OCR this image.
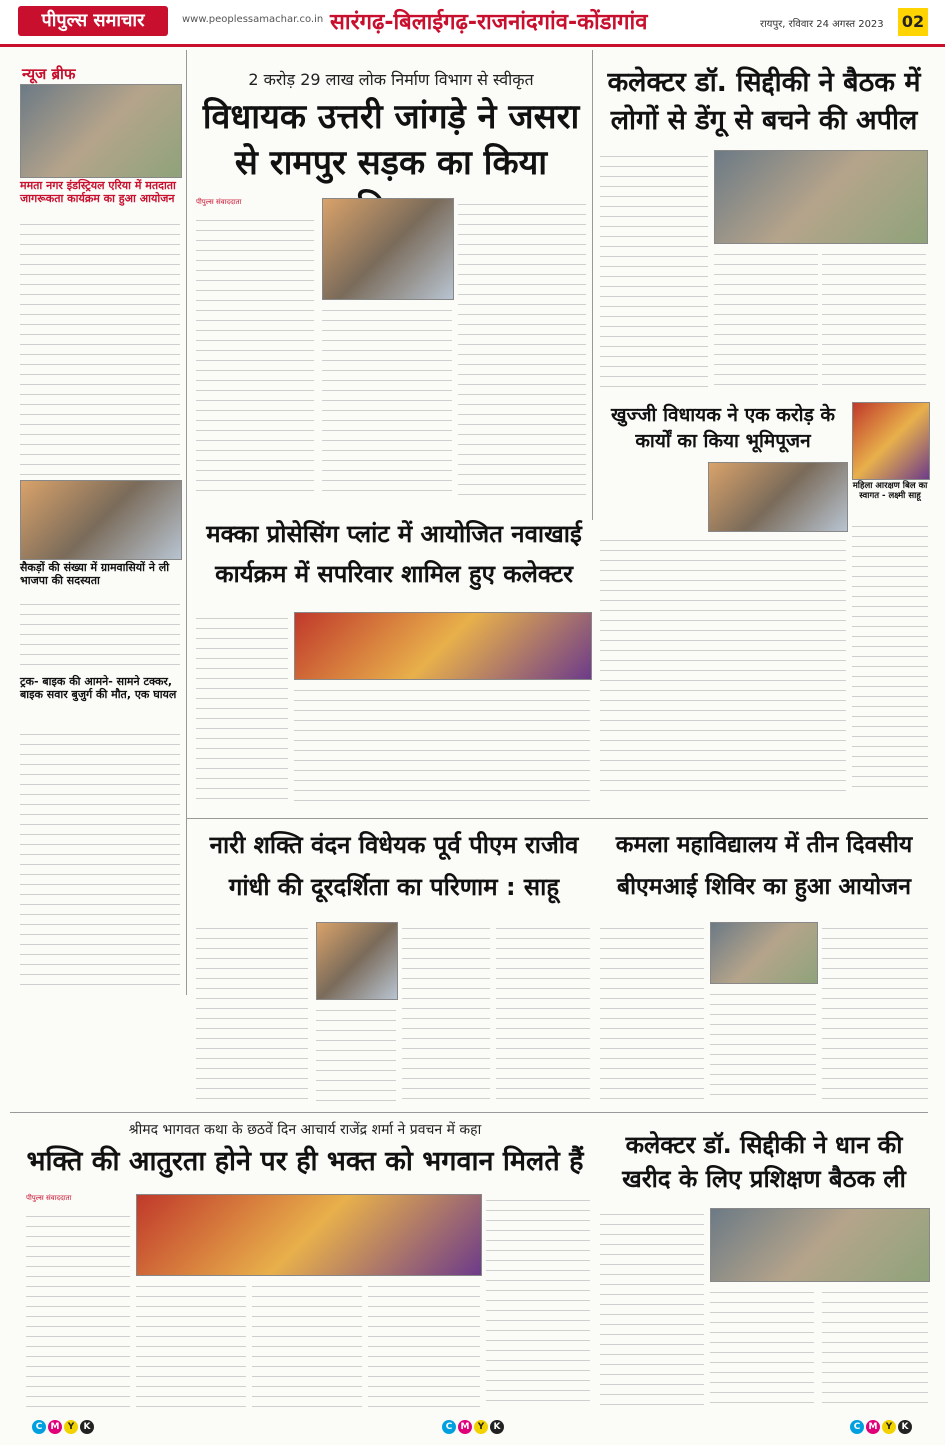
पीपुल्स समाचार	www.peoplessamachar.co.in सारंगढ़-बिलाईगढ़-राजनांदगांव-कोंडागांव	रायपुर, रविवार 24 अगस्त 2023 02
न्यूज ब्रीफ
ममता नगर इंडस्ट्रियल एरिया में मतदाता जागरूकता कार्यक्रम का हुआ आयोजन
सैकड़ों की संख्या में ग्रामवासियों ने ली भाजपा की सदस्यता
ट्रक- बाइक की आमने- सामने टक्कर, बाइक सवार बुजुर्ग की मौत, एक घायल
2 करोड़ 29 लाख लोक निर्माण विभाग से स्वीकृत
विधायक उत्तरी जांगड़े ने जसरा से रामपुर सड़क का किया
पीपुल्स संवाददाता
कलेक्टर डॉ. सिद्दीकी ने बैठक में लोगों से डेंगू से बचने की अपील
खुज्जी विधायक ने एक करोड़ के कार्यों का किया भूमिपूजन
महिला आरक्षण बिल का स्वागत - लक्ष्मी साहू
मक्का प्रोसेसिंग प्लांट में आयोजित नवाखाई कार्यक्रम में सपरिवार शामिल हुए कलेक्टर
नारी शक्ति वंदन विधेयक पूर्व पीएम राजीव गांधी की दूरदर्शिता का परिणाम : साहू
कमला महाविद्यालय में तीन दिवसीय बीएमआई शिविर का हुआ आयोजन
श्रीमद भागवत कथा के छठवें दिन आचार्य राजेंद्र शर्मा ने प्रवचन में कहा
भक्ति की आतुरता होने पर ही भक्त को भगवान मिलते हैं
पीपुल्स संवाददाता
कलेक्टर डॉ. सिद्दीकी ने धान की खरीद के लिए प्रशिक्षण बैठक ली
C M Y	K	C M Y	K	C M Y	K
